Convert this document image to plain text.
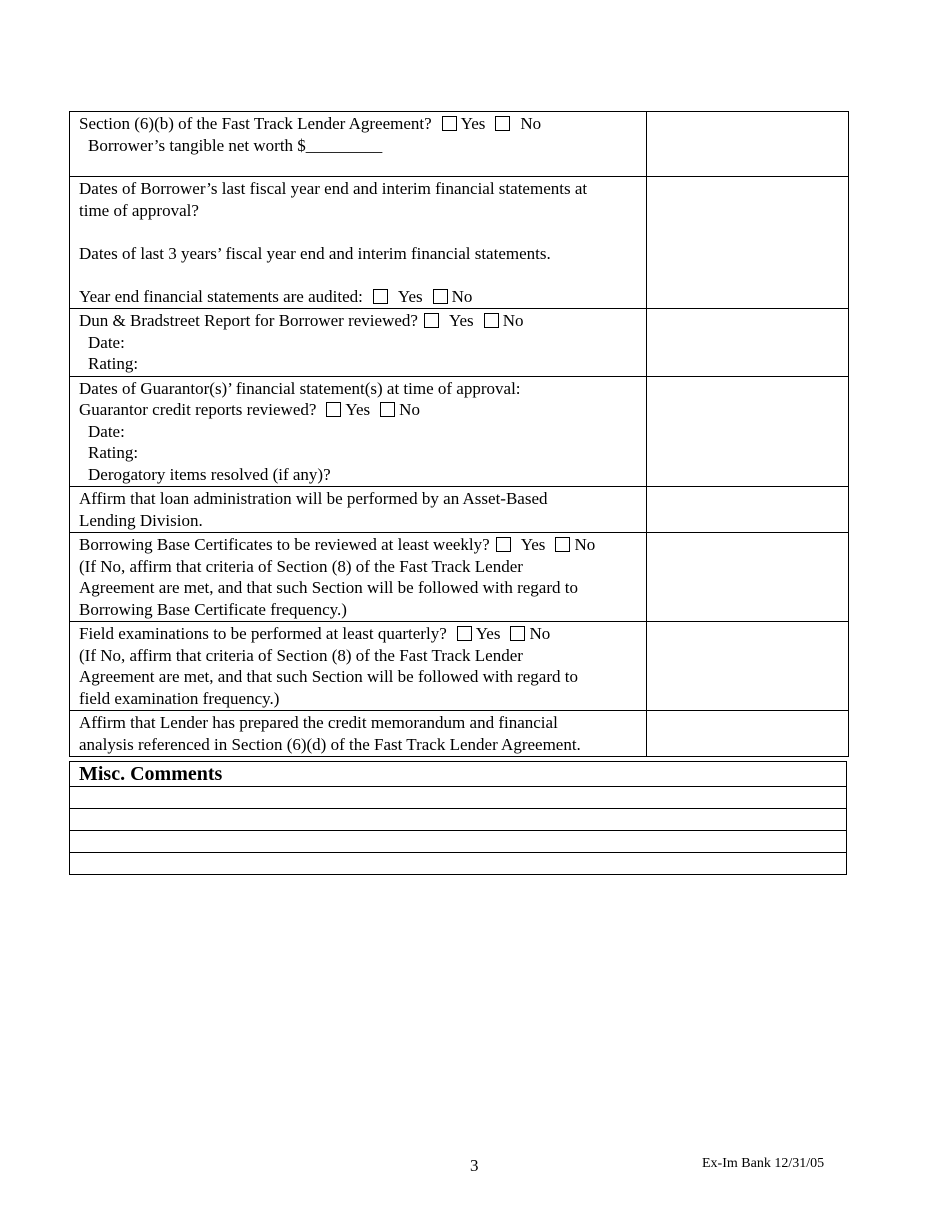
Section (6)(b) of the Fast Track Lender Agreement? Yes No
Borrower’s tangible net worth $_________	

Dates of Borrower’s last fiscal year end and interim financial statements at
time of approval?
Dates of last 3 years’ fiscal year end and interim financial statements.
Year end financial statements are audited: Yes No	

Dun & Bradstreet Report for Borrower reviewed? Yes No
Date:
Rating:	

Dates of Guarantor(s)’ financial statement(s) at time of approval:
Guarantor credit reports reviewed? Yes No
Date:
Rating:
Derogatory items resolved (if any)?	

Affirm that loan administration will be performed by an Asset-Based
Lending Division.	

Borrowing Base Certificates to be reviewed at least weekly? Yes No
(If No, affirm that criteria of Section (8) of the Fast Track Lender
Agreement are met, and that such Section will be followed with regard to
Borrowing Base Certificate frequency.)	

Field examinations to be performed at least quarterly? Yes No
(If No, affirm that criteria of Section (8) of the Fast Track Lender
Agreement are met, and that such Section will be followed with regard to
field examination frequency.)	

Affirm that Lender has prepared the credit memorandum and financial
analysis referenced in Section (6)(d) of the Fast Track Lender Agreement.	

Misc. Comments

3	Ex-Im Bank 12/31/05
